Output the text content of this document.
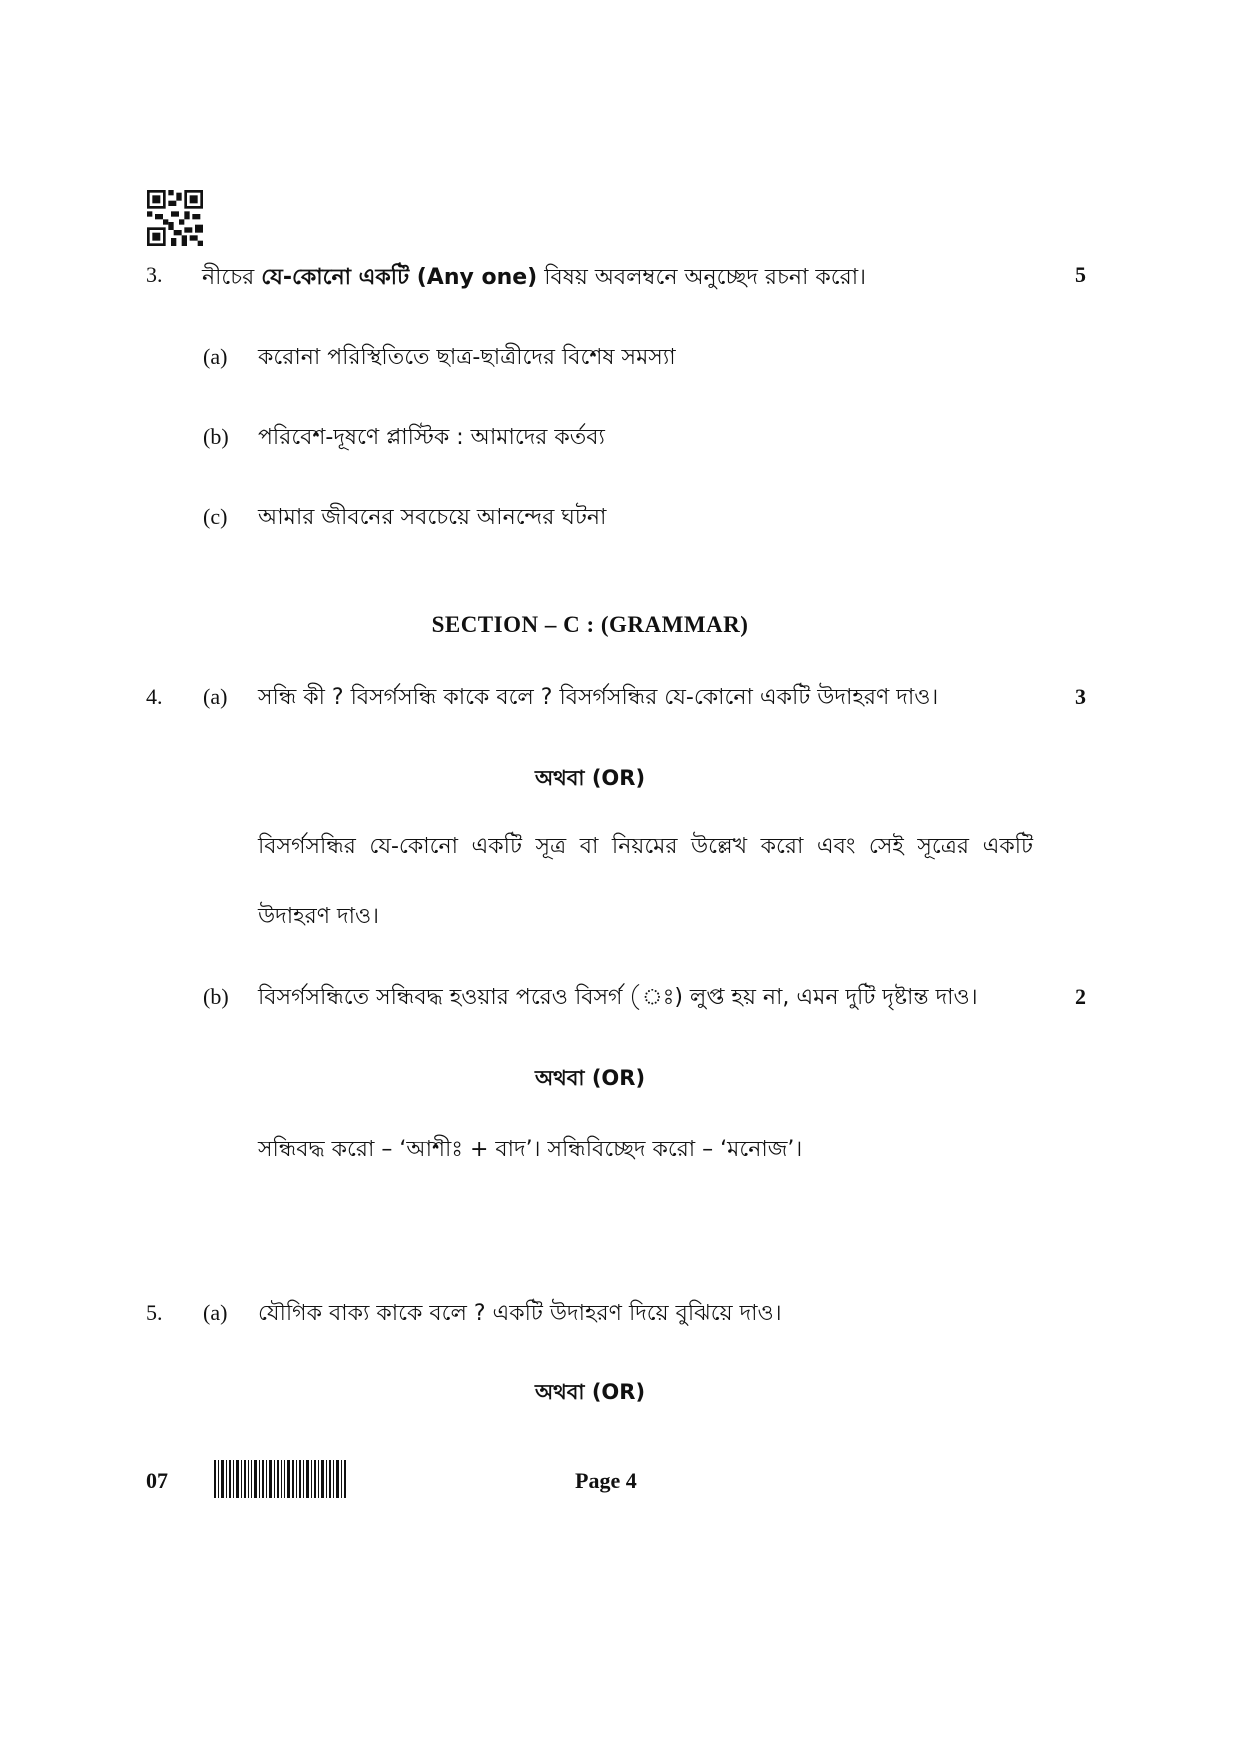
3. নীচের যে-কোনো একটি (Any one) বিষয় অবলম্বনে অনুচ্ছেদ রচনা করো।	5
(a) করোনা পরিস্থিতিতে ছাত্র-ছাত্রীদের বিশেষ সমস্যা
(b) পরিবেশ-দূষণে প্লাস্টিক : আমাদের কর্তব্য
(c) আমার জীবনের সবচেয়ে আনন্দের ঘটনা
SECTION – C : (GRAMMAR)
4. (a) সন্ধি কী ? বিসর্গসন্ধি কাকে বলে ? বিসর্গসন্ধির যে-কোনো একটি উদাহরণ দাও।	3
অথবা (OR)
বিসর্গসন্ধির যে-কোনো একটি সূত্র বা নিয়মের উল্লেখ করো এবং সেই সূত্রের একটি উদাহরণ দাও।
(b) বিসর্গসন্ধিতে সন্ধিবদ্ধ হওয়ার পরেও বিসর্গ (ঃ) লুপ্ত হয় না, এমন দুটি দৃষ্টান্ত দাও।	2
অথবা (OR)
সন্ধিবদ্ধ করো – ‘আশীঃ + বাদ’। সন্ধিবিচ্ছেদ করো – ‘মনোজ’।
5. (a) যৌগিক বাক্য কাকে বলে ? একটি উদাহরণ দিয়ে বুঝিয়ে দাও।
অথবা (OR)
07	Page 4
